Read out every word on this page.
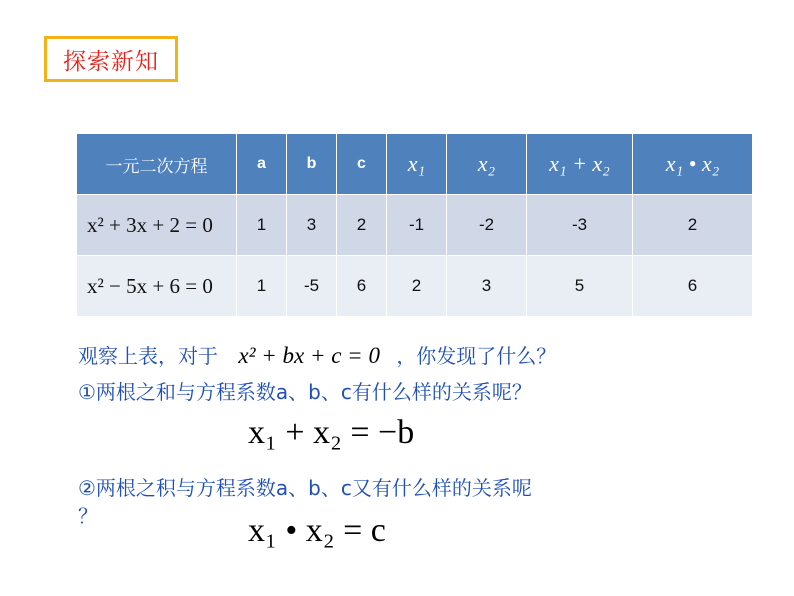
探索新知
一元二次方程	a	b	c	x₁	x₂	x₁ + x₂	x₁ • x₂
x² + 3x + 2 = 0	1	3	2	-1	-2	-3	2
x² − 5x + 6 = 0	1	-5	6	2	3	5	6
观察上表，对于 x² + bx + c = 0 ，你发现了什么？
①两根之和与方程系数a、b、c有什么样的关系呢？
x₁ + x₂ = −b
②两根之积与方程系数a、b、c又有什么样的关系呢
？	x₁ • x₂ = c
